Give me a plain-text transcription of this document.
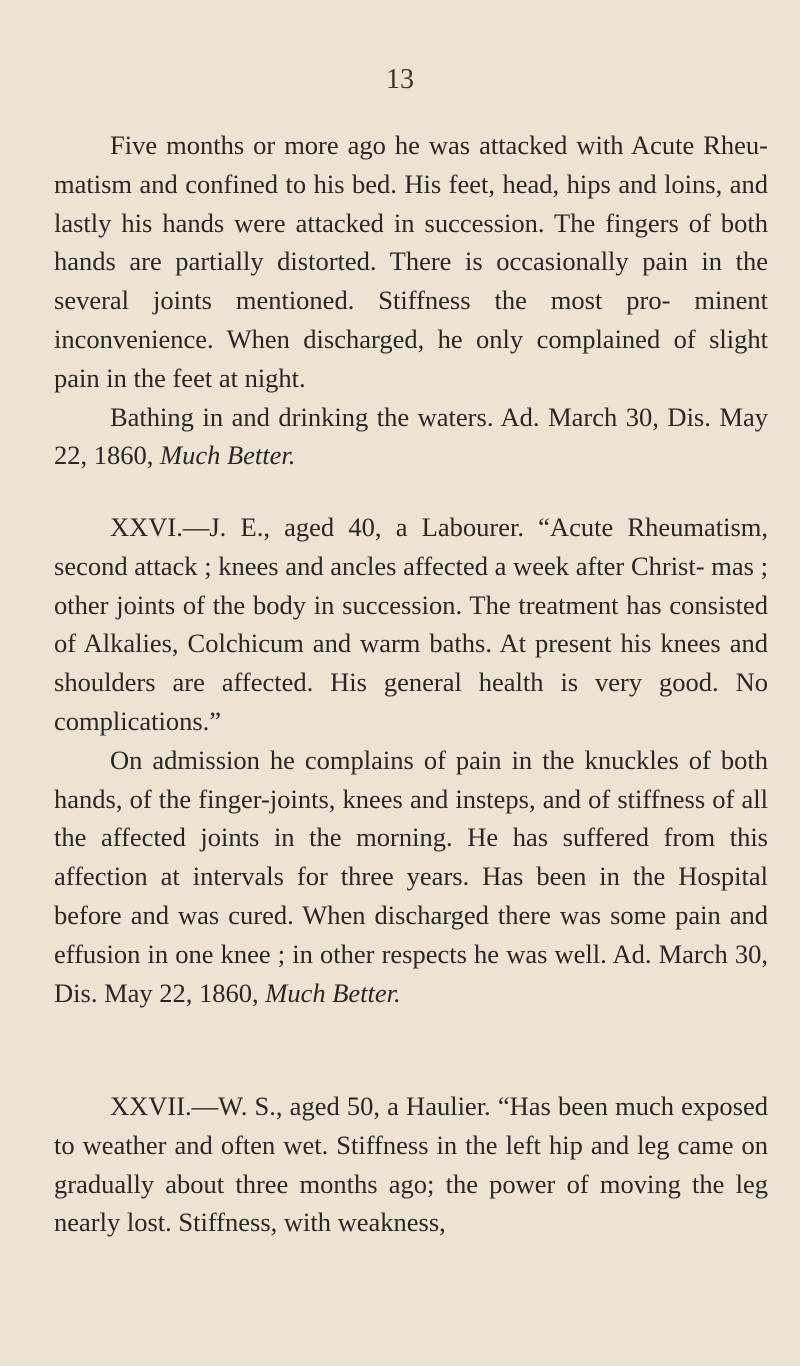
13

Five months or more ago he was attacked with Acute Rheu- matism and confined to his bed. His feet, head, hips and loins, and lastly his hands were attacked in succession. The fingers of both hands are partially distorted. There is occasionally pain in the several joints mentioned. Stiffness the most pro- minent inconvenience. When discharged, he only complained of slight pain in the feet at night.

Bathing in and drinking the waters. Ad. March 30, Dis. May 22, 1860, Much Better.

XXVI.—J. E., aged 40, a Labourer. “Acute Rheumatism, second attack ; knees and ancles affected a week after Christ- mas ; other joints of the body in succession. The treatment has consisted of Alkalies, Colchicum and warm baths. At present his knees and shoulders are affected. His general health is very good. No complications.”

On admission he complains of pain in the knuckles of both hands, of the finger-joints, knees and insteps, and of stiffness of all the affected joints in the morning. He has suffered from this affection at intervals for three years. Has been in the Hospital before and was cured. When discharged there was some pain and effusion in one knee ; in other respects he was well. Ad. March 30, Dis. May 22, 1860, Much Better.

XXVII.—W. S., aged 50, a Haulier. “Has been much exposed to weather and often wet. Stiffness in the left hip and leg came on gradually about three months ago; the power of moving the leg nearly lost. Stiffness, with weakness,
